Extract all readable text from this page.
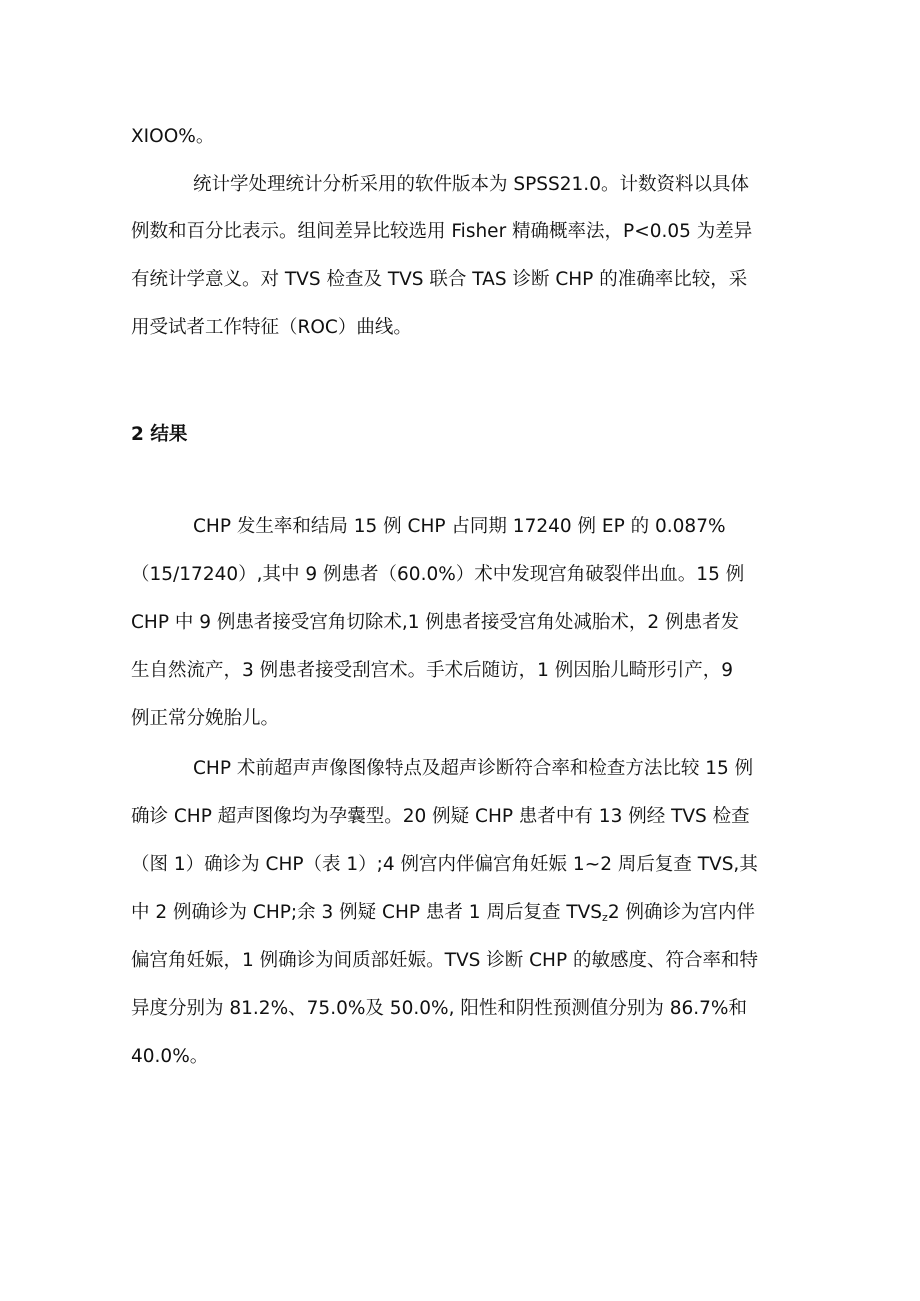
XIOO%。
统计学处理统计分析采用的软件版本为 SPSS21.0。计数资料以具体
例数和百分比表示。组间差异比较选用 Fisher 精确概率法，P<0.05 为差异
有统计学意义。对 TVS 检查及 TVS 联合 TAS 诊断 CHP 的准确率比较，采
用受试者工作特征（ROC）曲线。
2 结果
CHP 发生率和结局 15 例 CHP 占同期 17240 例 EP 的 0.087%
（15/17240）,其中 9 例患者（60.0%）术中发现宫角破裂伴出血。15 例
CHP 中 9 例患者接受宫角切除术,1 例患者接受宫角处减胎术，2 例患者发
生自然流产，3 例患者接受刮宫术。手术后随访，1 例因胎儿畸形引产，9
例正常分娩胎儿。
CHP 术前超声声像图像特点及超声诊断符合率和检查方法比较 15 例
确诊 CHP 超声图像均为孕囊型。20 例疑 CHP 患者中有 13 例经 TVS 检查
（图 1）确诊为 CHP（表 1）;4 例宫内伴偏宫角妊娠 1~2 周后复查 TVS,其
中 2 例确诊为 CHP;余 3 例疑 CHP 患者 1 周后复查 $TVS_z2$ 例确诊为宫内伴
偏宫角妊娠，1 例确诊为间质部妊娠。TVS 诊断 CHP 的敏感度、符合率和特
异度分别为 81.2%、75.0%及 50.0%, 阳性和阴性预测值分别为 86.7%和
40.0%。
